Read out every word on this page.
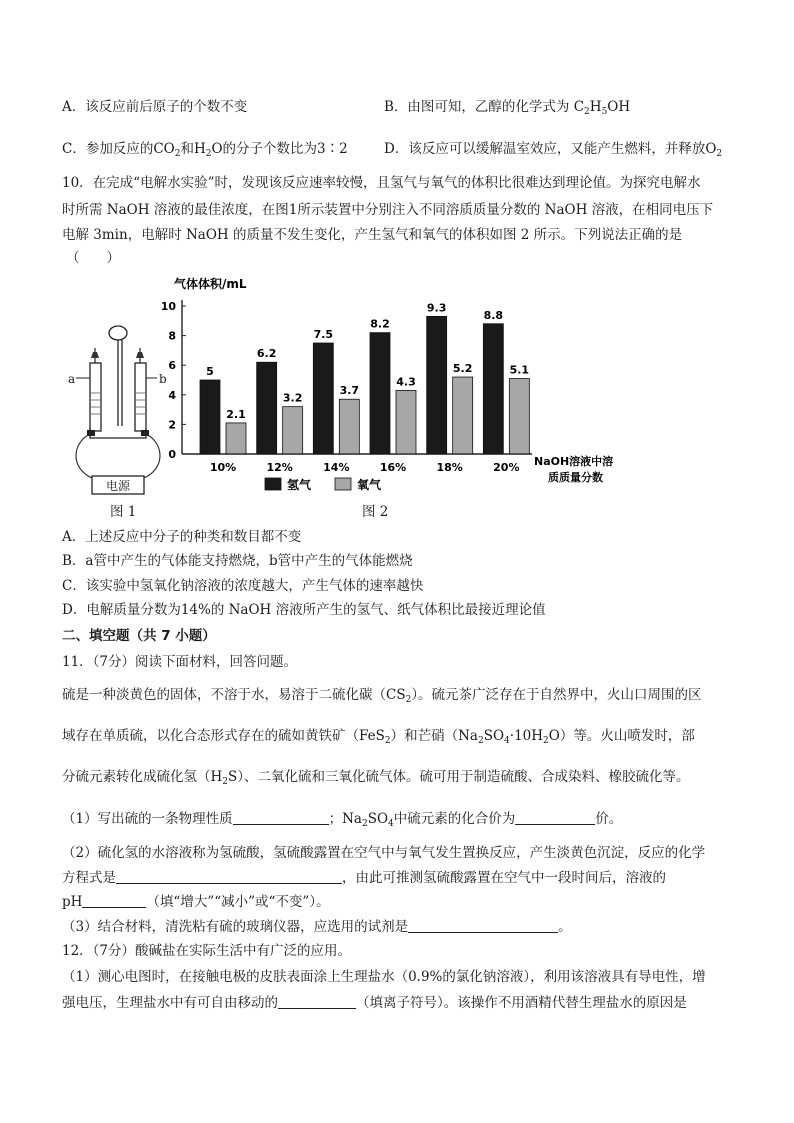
A．该反应前后原子的个数不变	B．由图可知，乙醇的化学式为 $C_2H_5OH$
C．参加反应的$CO_2$和$H_2O$的分子个数比为3∶2	D．该反应可以缓解温室效应，又能产生燃料，并释放$O_2$
10．在完成“电解水实验”时，发现该反应速率较慢，且氢气与氧气的体积比很难达到理论值。为探究电解水
时所需 NaOH 溶液的最佳浓度，在图1所示装置中分别注入不同溶质质量分数的 NaOH 溶液，在相同电压下
电解 3min，电解时 NaOH 的质量不发生变化，产生氢气和氧气的体积如图 2 所示。下列说法正确的是
（　　）
a	b
电源
图 1
气体体积/mL
NaOH溶液中溶
质质量分数
0
2
4
6
8
10
5
2.1
10%
6.2
3.2
12%
7.5
3.7
14%
8.2
4.3
16%
9.3
5.2
18%
8.8
5.1
20%
氢气	氧气
图 2
A．上述反应中分子的种类和数目都不变
B．a管中产生的气体能支持燃烧，b管中产生的气体能燃烧
C．该实验中氢氧化钠溶液的浓度越大，产生气体的速率越快
D．电解质量分数为14%的 NaOH 溶液所产生的氢气、纸气体积比最接近理论值
二、填空题（共 7 小题）
11．（7分）阅读下面材料，回答问题。
硫是一种淡黄色的固体，不溶于水，易溶于二硫化碳$(CS_2)$。硫元茶广泛存在于自然界中，火山口周围的区
域存在单质硫，以化合态形式存在的硫如黄铁矿（FeS$_2$）和芒硝$(Na_2SO_4\cdot 10H_2O)$等。火山喷发时，部
分硫元素转化成硫化氢$(H_2S)$、二氧化硫和三氧化硫气体。硫可用于制造硫酸、合成染料、橡胶硫化等。
（1）写出硫的一条物理性质	；$Na_2SO_4$中硫元素的化合价为	价。
（2）硫化氢的水溶液称为氢硫酸，氢硫酸露置在空气中与氧气发生置换反应，产生淡黄色沉淀，反应的化学
方程式是	，由此可推测氢硫酸露置在空气中一段时间后，溶液的
pH	（填“增大”“减小”或“不变”）。
（3）结合材料，清洗粘有硫的玻璃仪器，应选用的试剂是	。
12．（7分）酸碱盐在实际生活中有广泛的应用。
（1）测心电图时，在接触电极的皮肤表面涂上生理盐水（0.9%的氯化钠溶液），利用该溶液具有导电性，增
强电压，生理盐水中有可自由移动的	（填离子符号）。该操作不用酒精代替生理盐水的原因是
